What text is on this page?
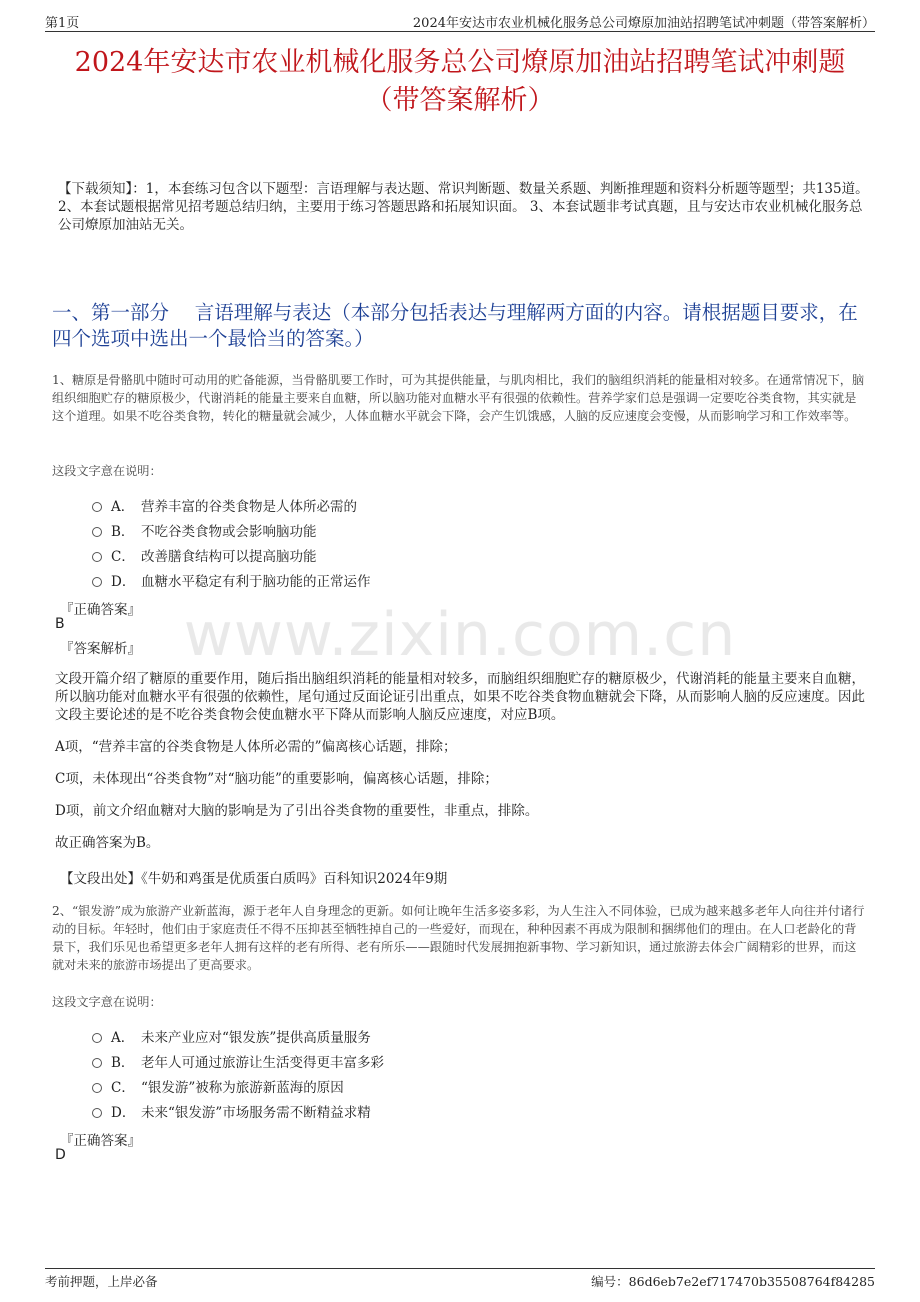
第1页	2024年安达市农业机械化服务总公司燎原加油站招聘笔试冲刺题（带答案解析）
www.zixin.com.cn
2024年安达市农业机械化服务总公司燎原加油站招聘笔试冲刺题（带答案解析）
【下载须知】：1，本套练习包含以下题型：言语理解与表达题、常识判断题、数量关系题、判断推理题和资料分析题等题型；共135道。 2、本套试题根据常见招考题总结归纳，主要用于练习答题思路和拓展知识面。 3、本套试题非考试真题，且与安达市农业机械化服务总公司燎原加油站无关。
一、第一部分　 言语理解与表达（本部分包括表达与理解两方面的内容。请根据题目要求，在四个选项中选出一个最恰当的答案。）
1、糖原是骨骼肌中随时可动用的贮备能源，当骨骼肌要工作时，可为其提供能量，与肌肉相比，我们的脑组织消耗的能量相对较多。在通常情况下，脑组织细胞贮存的糖原极少，代谢消耗的能量主要来自血糖，所以脑功能对血糖水平有很强的依赖性。营养学家们总是强调一定要吃谷类食物，其实就是这个道理。如果不吃谷类食物，转化的糖量就会减少，人体血糖水平就会下降，会产生饥饿感，人脑的反应速度会变慢，从而影响学习和工作效率等。
这段文字意在说明：
A． 营养丰富的谷类食物是人体所必需的
B． 不吃谷类食物或会影响脑功能
C． 改善膳食结构可以提高脑功能
D． 血糖水平稳定有利于脑功能的正常运作
『正确答案』
B
『答案解析』
文段开篇介绍了糖原的重要作用，随后指出脑组织消耗的能量相对较多，而脑组织细胞贮存的糖原极少，代谢消耗的能量主要来自血糖，所以脑功能对血糖水平有很强的依赖性，尾句通过反面论证引出重点，如果不吃谷类食物血糖就会下降，从而影响人脑的反应速度。因此文段主要论述的是不吃谷类食物会使血糖水平下降从而影响人脑反应速度，对应B项。
A项，“营养丰富的谷类食物是人体所必需的”偏离核心话题，排除；
C项，未体现出“谷类食物”对“脑功能”的重要影响，偏离核心话题，排除；
D项，前文介绍血糖对大脑的影响是为了引出谷类食物的重要性，非重点，排除。
故正确答案为B。
【文段出处】《牛奶和鸡蛋是优质蛋白质吗》百科知识2024年9期
2、“银发游”成为旅游产业新蓝海，源于老年人自身理念的更新。如何让晚年生活多姿多彩，为人生注入不同体验，已成为越来越多老年人向往并付诸行动的目标。年轻时，他们由于家庭责任不得不压抑甚至牺牲掉自己的一些爱好，而现在，种种因素不再成为限制和捆绑他们的理由。在人口老龄化的背景下，我们乐见也希望更多老年人拥有这样的老有所得、老有所乐——跟随时代发展拥抱新事物、学习新知识，通过旅游去体会广阔精彩的世界，而这就对未来的旅游市场提出了更高要求。
这段文字意在说明：
A． 未来产业应对“银发族”提供高质量服务
B． 老年人可通过旅游让生活变得更丰富多彩
C． “银发游”被称为旅游新蓝海的原因
D． 未来“银发游”市场服务需不断精益求精
『正确答案』
D
考前押题，上岸必备	编号：86d6eb7e2ef717470b35508764f84285
